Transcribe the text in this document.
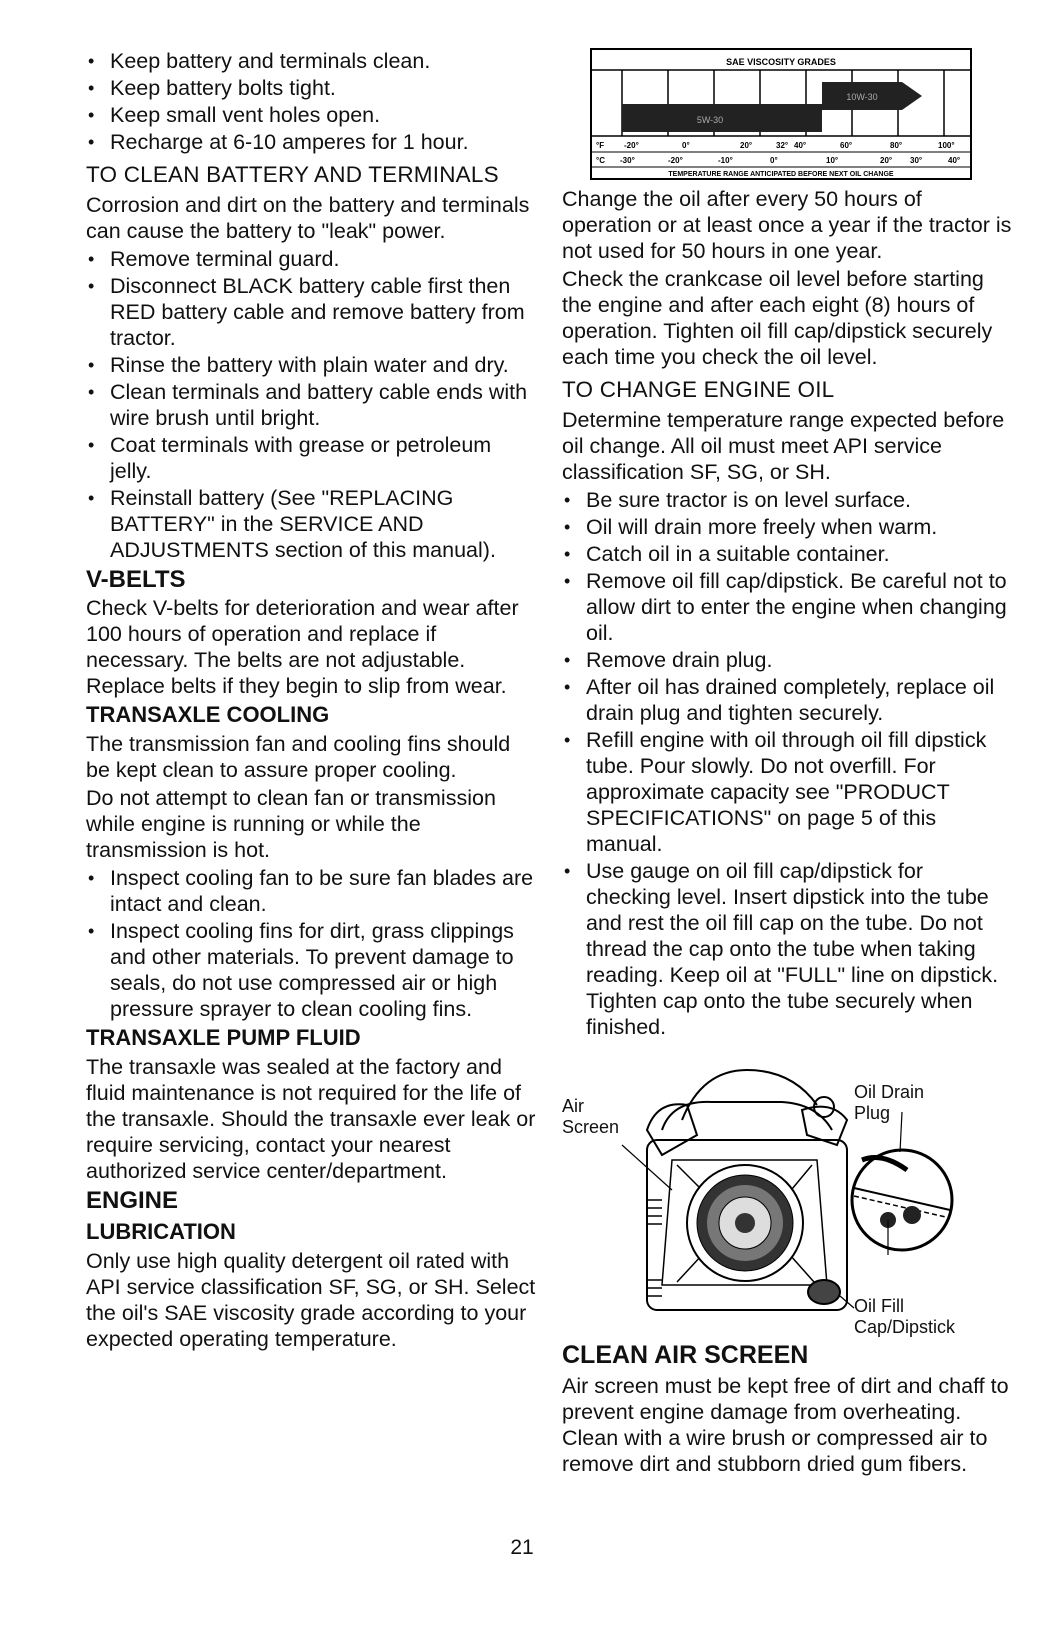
• Keep battery and terminals clean.
• Keep battery bolts tight.
• Keep small vent holes open.
• Recharge at 6-10 amperes for 1 hour.
TO CLEAN BATTERY AND TERMINALS

Corrosion and dirt on the battery and terminals can cause the battery to "leak" power.

• Remove terminal guard.
• Disconnect BLACK battery cable first then RED battery cable and remove battery from tractor.
• Rinse the battery with plain water and dry.
• Clean terminals and battery cable ends with wire brush until bright.
• Coat terminals with grease or petroleum jelly.
• Reinstall battery (See "REPLACING BATTERY" in the SERVICE AND ADJUSTMENTS section of this manual).
V-BELTS

Check V-belts for deterioration and wear after 100 hours of operation and replace if necessary. The belts are not adjustable. Replace belts if they begin to slip from wear.

TRANSAXLE COOLING

The transmission fan and cooling fins should be kept clean to assure proper cooling.

Do not attempt to clean fan or transmission while engine is running or while the transmission is hot.

• Inspect cooling fan to be sure fan blades are intact and clean.
• Inspect cooling fins for dirt, grass clippings and other materials. To prevent damage to seals, do not use compressed air or high pressure sprayer to clean cooling fins.
TRANSAXLE PUMP FLUID

The transaxle was sealed at the factory and fluid maintenance is not required for the life of the transaxle. Should the transaxle ever leak or require servicing, contact your nearest authorized service center/department.

ENGINE
LUBRICATION

Only use high quality detergent oil rated with API service classification SF, SG, or SH. Select the oil's SAE viscosity grade according to your expected operating temperature.

SAE VISCOSITY GRADES
5W-30
10W-30
°F -20°	0°	20°	32° 40°	60°	80°	100°
°C -30°	-20°	-10°	0°	10°	20° 30°	40°
TEMPERATURE RANGE ANTICIPATED BEFORE NEXT OIL CHANGE

Change the oil after every 50 hours of operation or at least once a year if the tractor is not used for 50 hours in one year.

Check the crankcase oil level before starting the engine and after each eight (8) hours of operation. Tighten oil fill cap/dipstick securely each time you check the oil level.

TO CHANGE ENGINE OIL

Determine temperature range expected before oil change. All oil must meet API service classification SF, SG, or SH.

• Be sure tractor is on level surface.
• Oil will drain more freely when warm.
• Catch oil in a suitable container.
• Remove oil fill cap/dipstick. Be careful not to allow dirt to enter the engine when changing oil.
• Remove drain plug.
• After oil has drained completely, replace oil drain plug and tighten securely.
• Refill engine with oil through oil fill dipstick tube. Pour slowly. Do not overfill. For approximate capacity see "PRODUCT SPECIFICATIONS" on page 5 of this manual.
• Use gauge on oil fill cap/dipstick for checking level. Insert dipstick into the tube and rest the oil fill cap on the tube. Do not thread the cap onto the tube when taking reading. Keep oil at "FULL" line on dipstick. Tighten cap onto the tube securely when finished.
Air Screen
Oil Drain Plug
Oil Fill Cap/Dipstick
CLEAN AIR SCREEN

Air screen must be kept free of dirt and chaff to prevent engine damage from overheating. Clean with a wire brush or compressed air to remove dirt and stubborn dried gum fibers.

21
